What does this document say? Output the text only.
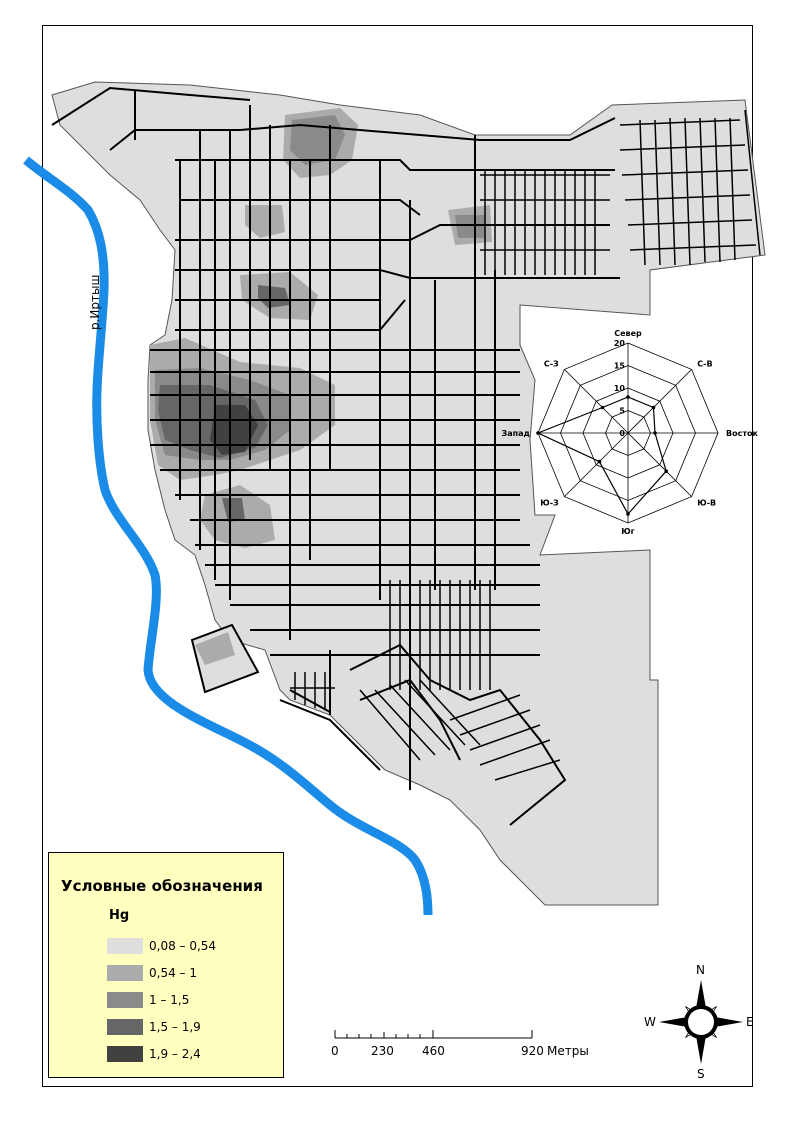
0
5
10
15
20
Север
С-В
Восток
Ю-В
Юг
Ю-З
Запад
С-З
р.Иртыш
Условные обозначения
Hg
0,08 – 0,54
0,54 – 1
1 – 1,5
1,5 – 1,9
1,9 – 2,4	0	230 460	920 Метры
N
S
W	E
